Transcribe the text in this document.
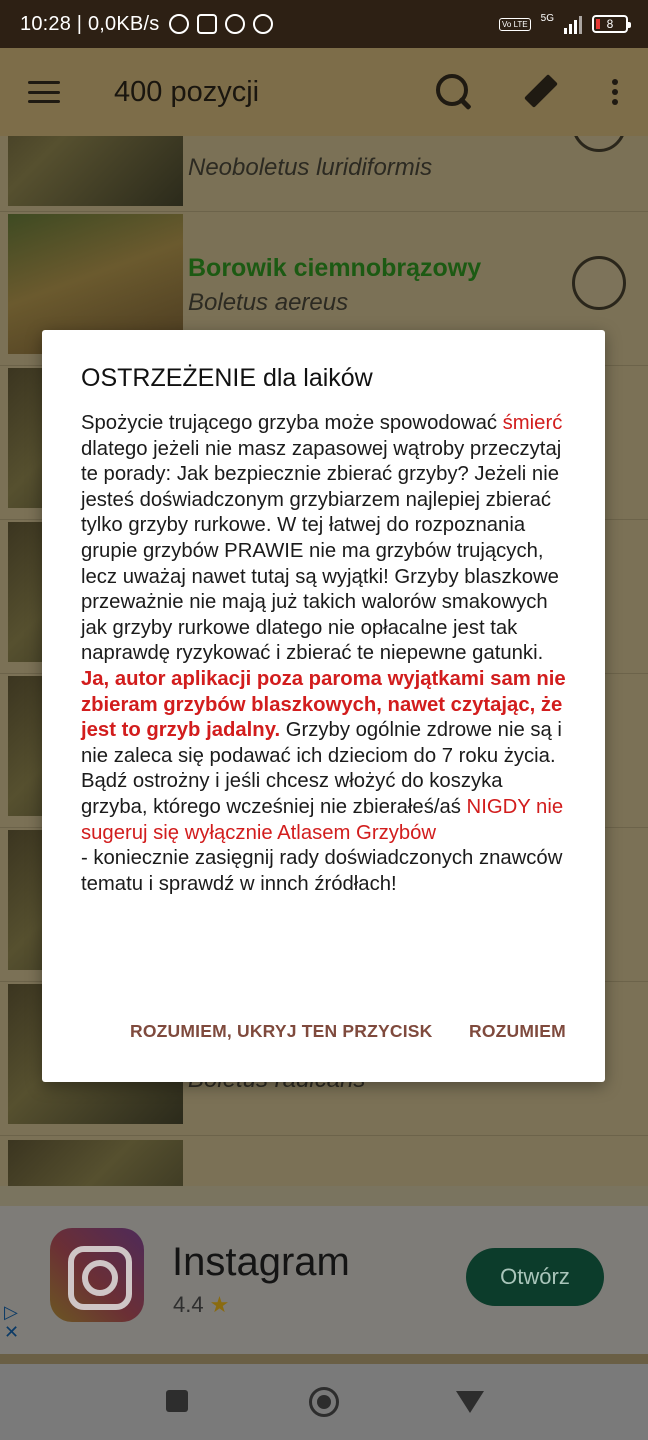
10:28 | 0,0KB/s	Vo LTE
5G	8
400 pozycji
Neoboletus luridiformis
Borowik ciemnobrązowy
Boletus aereus
Instagram
4.4 ★
Otwórz
▷
✕
OSTRZEŻENIE dla laików
Spożycie trującego grzyba może spowodować śmierć dlatego jeżeli nie masz zapasowej wątroby przeczytaj te porady: Jak bezpiecznie zbierać grzyby? Jeżeli nie jesteś doświadczonym grzybiarzem najlepiej zbierać tylko grzyby rurkowe. W tej łatwej do rozpoznania grupie grzybów PRAWIE nie ma grzybów trujących, lecz uważaj nawet tutaj są wyjątki! Grzyby blaszkowe przeważnie nie mają już takich walorów smakowych jak grzyby rurkowe dlatego nie opłacalne jest tak naprawdę ryzykować i zbierać te niepewne gatunki. Ja, autor aplikacji poza paroma wyjątkami sam nie zbieram grzybów blaszkowych, nawet czytając, że jest to grzyb jadalny. Grzyby ogólnie zdrowe nie są i nie zaleca się podawać ich dzieciom do 7 roku życia. Bądź ostrożny i jeśli chcesz włożyć do koszyka grzyba, którego wcześniej nie zbierałeś/aś NIGDY nie sugeruj się wyłącznie Atlasem Grzybów
- koniecznie zasięgnij rady doświadczonych znawców tematu i sprawdź w innch źródłach!
ROZUMIEM, UKRYJ TEN PRZYCISK ROZUMIEM
